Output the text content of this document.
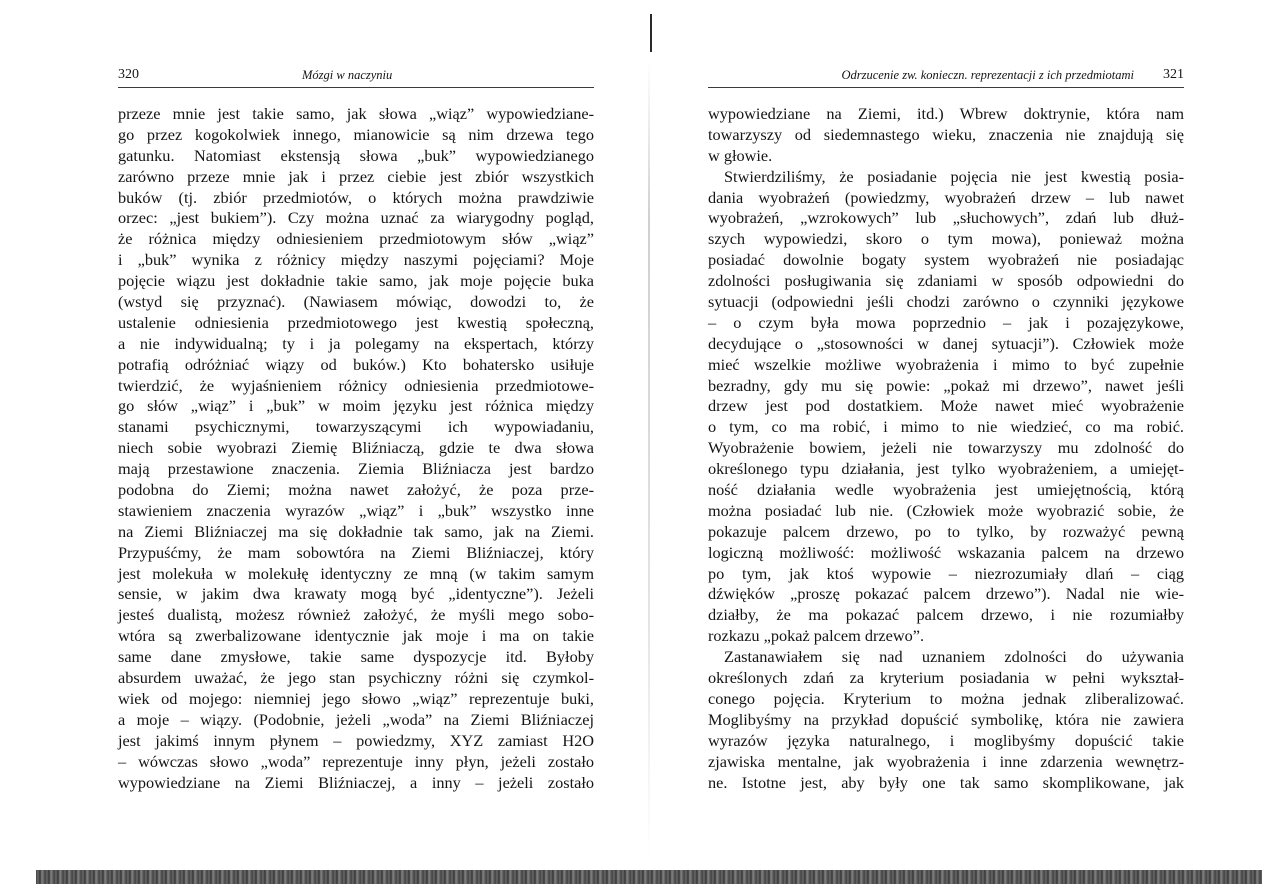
320	Mózgi w naczyniu
przeze mnie jest takie samo, jak słowa „wiąz” wypowiedziane-
go przez kogokolwiek innego, mianowicie są nim drzewa tego
gatunku. Natomiast ekstensją słowa „buk” wypowiedzianego
zarówno przeze mnie jak i przez ciebie jest zbiór wszystkich
buków (tj. zbiór przedmiotów, o których można prawdziwie
orzec: „jest bukiem”). Czy można uznać za wiarygodny pogląd,
że różnica między odniesieniem przedmiotowym słów „wiąz”
i „buk” wynika z różnicy między naszymi pojęciami? Moje
pojęcie wiązu jest dokładnie takie samo, jak moje pojęcie buka
(wstyd się przyznać). (Nawiasem mówiąc, dowodzi to, że
ustalenie odniesienia przedmiotowego jest kwestią społeczną,
a nie indywidualną; ty i ja polegamy na ekspertach, którzy
potrafią odróżniać wiązy od buków.) Kto bohatersko usiłuje
twierdzić, że wyjaśnieniem różnicy odniesienia przedmiotowe-
go słów „wiąz” i „buk” w moim języku jest różnica między
stanami psychicznymi, towarzyszącymi ich wypowiadaniu,
niech sobie wyobrazi Ziemię Bliźniaczą, gdzie te dwa słowa
mają przestawione znaczenia. Ziemia Bliźniacza jest bardzo
podobna do Ziemi; można nawet założyć, że poza prze-
stawieniem znaczenia wyrazów „wiąz” i „buk” wszystko inne
na Ziemi Bliźniaczej ma się dokładnie tak samo, jak na Ziemi.
Przypuśćmy, że mam sobowtóra na Ziemi Bliźniaczej, który
jest molekuła w molekułę identyczny ze mną (w takim samym
sensie, w jakim dwa krawaty mogą być „identyczne”). Jeżeli
jesteś dualistą, możesz również założyć, że myśli mego sobo-
wtóra są zwerbalizowane identycznie jak moje i ma on takie
same dane zmysłowe, takie same dyspozycje itd. Byłoby
absurdem uważać, że jego stan psychiczny różni się czymkol-
wiek od mojego: niemniej jego słowo „wiąz” reprezentuje buki,
a moje – wiązy. (Podobnie, jeżeli „woda” na Ziemi Bliźniaczej
jest jakimś innym płynem – powiedzmy, XYZ zamiast H2O
– wówczas słowo „woda” reprezentuje inny płyn, jeżeli zostało
wypowiedziane na Ziemi Bliźniaczej, a inny – jeżeli zostało
Odrzucenie zw. konieczn. reprezentacji z ich przedmiotami 321
wypowiedziane na Ziemi, itd.) Wbrew doktrynie, która nam
towarzyszy od siedemnastego wieku, znaczenia nie znajdują się
w głowie.
Stwierdziliśmy, że posiadanie pojęcia nie jest kwestią posia-
dania wyobrażeń (powiedzmy, wyobrażeń drzew – lub nawet
wyobrażeń, „wzrokowych” lub „słuchowych”, zdań lub dłuż-
szych wypowiedzi, skoro o tym mowa), ponieważ można
posiadać dowolnie bogaty system wyobrażeń nie posiadając
zdolności posługiwania się zdaniami w sposób odpowiedni do
sytuacji (odpowiedni jeśli chodzi zarówno o czynniki językowe
– o czym była mowa poprzednio – jak i pozajęzykowe,
decydujące o „stosowności w danej sytuacji”). Człowiek może
mieć wszelkie możliwe wyobrażenia i mimo to być zupełnie
bezradny, gdy mu się powie: „pokaż mi drzewo”, nawet jeśli
drzew jest pod dostatkiem. Może nawet mieć wyobrażenie
o tym, co ma robić, i mimo to nie wiedzieć, co ma robić.
Wyobrażenie bowiem, jeżeli nie towarzyszy mu zdolność do
określonego typu działania, jest tylko wyobrażeniem, a umiejęt-
ność działania wedle wyobrażenia jest umiejętnością, którą
można posiadać lub nie. (Człowiek może wyobrazić sobie, że
pokazuje palcem drzewo, po to tylko, by rozważyć pewną
logiczną możliwość: możliwość wskazania palcem na drzewo
po tym, jak ktoś wypowie – niezrozumiały dlań – ciąg
dźwięków „proszę pokazać palcem drzewo”). Nadal nie wie-
działby, że ma pokazać palcem drzewo, i nie rozumiałby
rozkazu „pokaż palcem drzewo”.
Zastanawiałem się nad uznaniem zdolności do używania
określonych zdań za kryterium posiadania w pełni wykształ-
conego pojęcia. Kryterium to można jednak zliberalizować.
Moglibyśmy na przykład dopuścić symbolikę, która nie zawiera
wyrazów języka naturalnego, i moglibyśmy dopuścić takie
zjawiska mentalne, jak wyobrażenia i inne zdarzenia wewnętrz-
ne. Istotne jest, aby były one tak samo skomplikowane, jak
